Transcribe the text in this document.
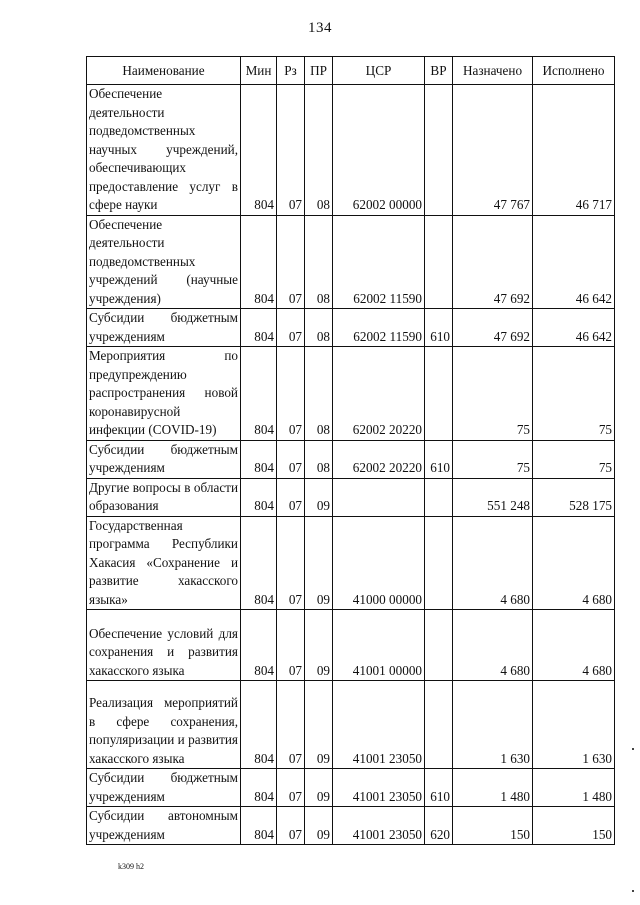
134
Наименование	Мин	Рз	ПР	ЦСР	ВР	Назначено	Исполнено
Обеспечение деятельности подведомственных научных учреждений, обеспечивающих предоставление услуг в сфере науки	804	07	08	62002 00000		47 767	46 717
Обеспечение деятельности подведомственных учреждений (научные учреждения)	804	07	08	62002 11590		47 692	46 642
Субсидии бюджетным учреждениям	804	07	08	62002 11590	610	47 692	46 642
Мероприятия по предупреждению распространения новой коронавирусной инфекции (COVID-19)	804	07	08	62002 20220		75	75
Субсидии бюджетным учреждениям	804	07	08	62002 20220	610	75	75
Другие вопросы в области образования	804	07	09			551 248	528 175
Государственная программа Республики Хакасия «Сохранение и развитие хакасского языка»	804	07	09	41000 00000		4 680	4 680
Обеспечение условий для сохранения и развития хакасского языка	804	07	09	41001 00000		4 680	4 680
Реализация мероприятий в сфере сохранения, популяризации и развития хакасского языка	804	07	09	41001 23050		1 630	1 630
Субсидии бюджетным учреждениям	804	07	09	41001 23050	610	1 480	1 480
Субсидии автономным учреждениям	804	07	09	41001 23050	620	150	150
k309 h2
